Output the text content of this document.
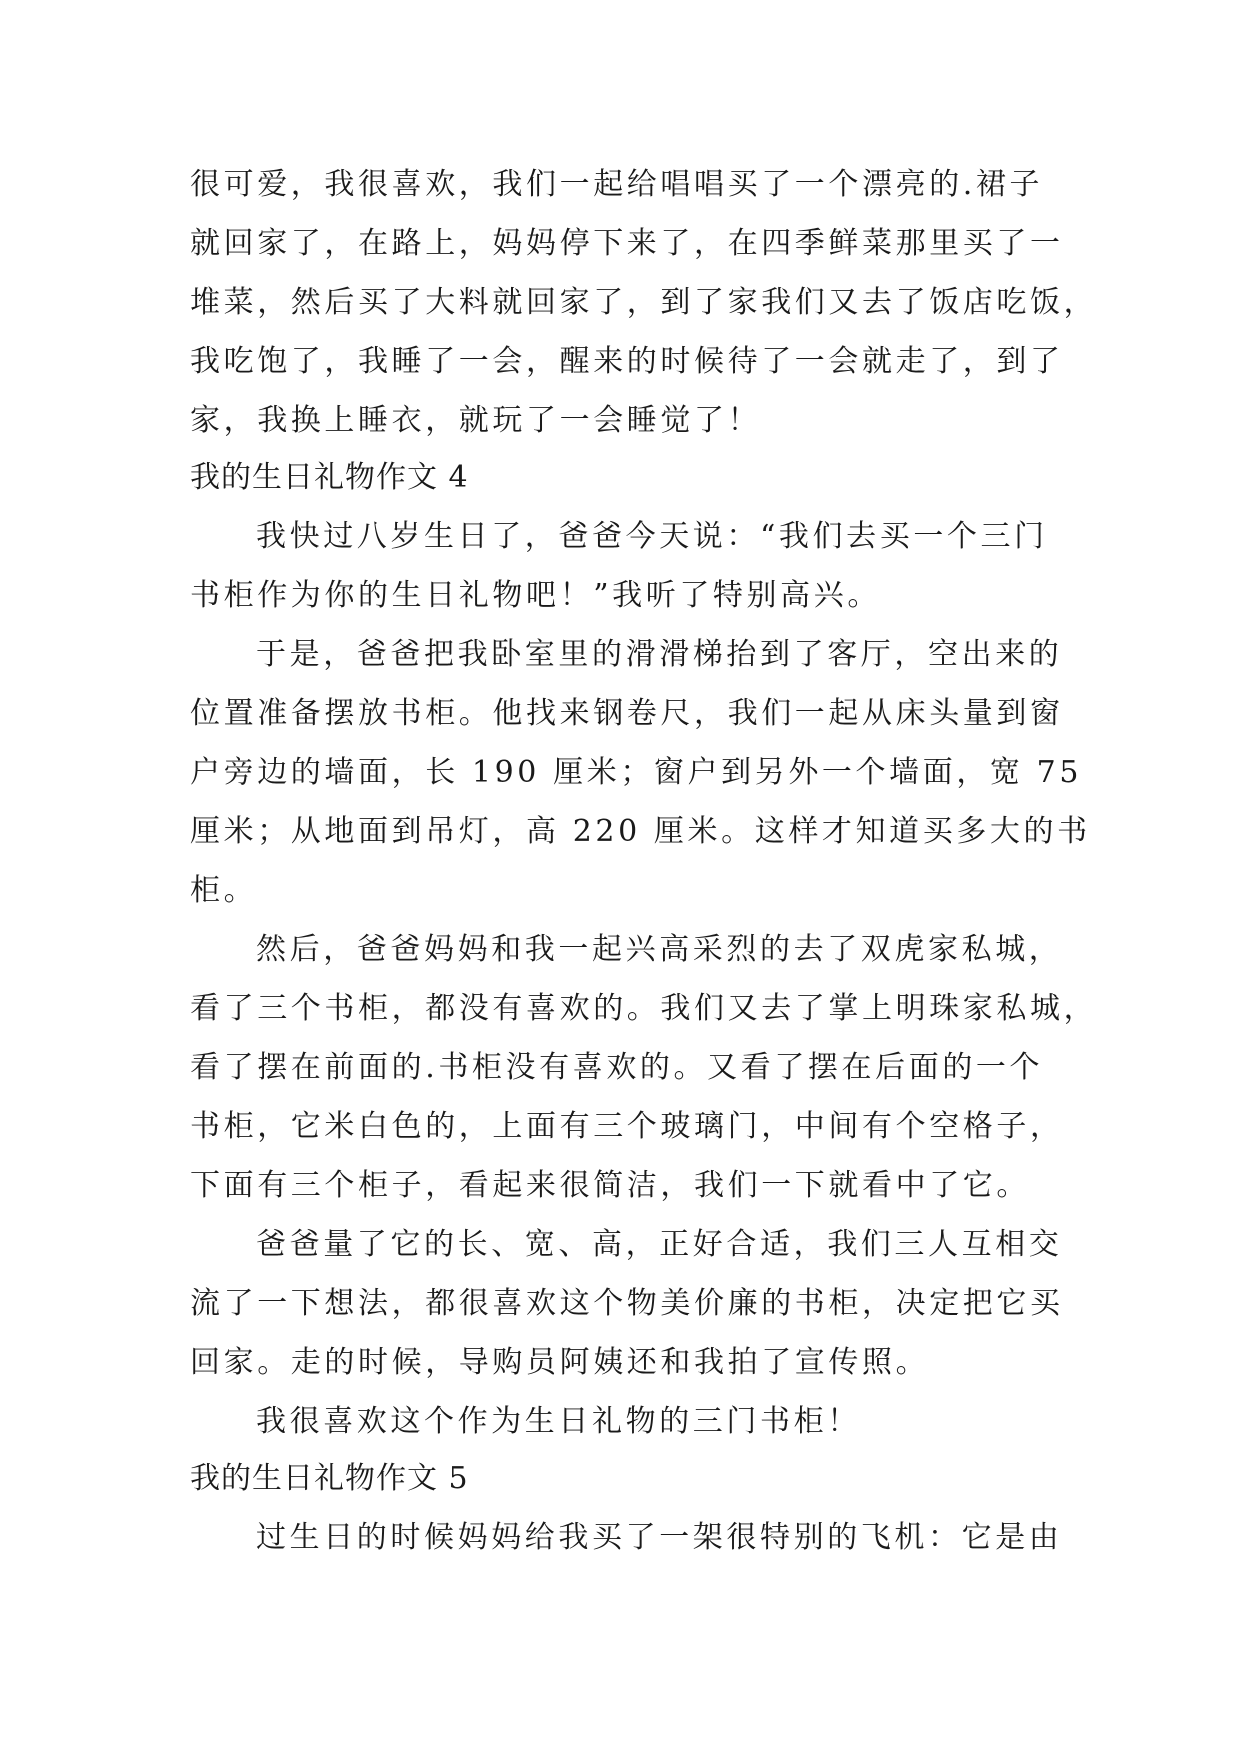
很可爱，我很喜欢，我们一起给唱唱买了一个漂亮的.裙子
就回家了，在路上，妈妈停下来了，在四季鲜菜那里买了一
堆菜，然后买了大料就回家了，到了家我们又去了饭店吃饭，
我吃饱了，我睡了一会，醒来的时候待了一会就走了，到了
家，我换上睡衣，就玩了一会睡觉了！
我的生日礼物作文 4
我快过八岁生日了，爸爸今天说：“我们去买一个三门
书柜作为你的生日礼物吧！”我听了特别高兴。
于是，爸爸把我卧室里的滑滑梯抬到了客厅，空出来的
位置准备摆放书柜。他找来钢卷尺，我们一起从床头量到窗
户旁边的墙面，长 190 厘米；窗户到另外一个墙面，宽 75
厘米；从地面到吊灯，高 220 厘米。这样才知道买多大的书
柜。
然后，爸爸妈妈和我一起兴高采烈的去了双虎家私城，
看了三个书柜，都没有喜欢的。我们又去了掌上明珠家私城，
看了摆在前面的.书柜没有喜欢的。又看了摆在后面的一个
书柜，它米白色的，上面有三个玻璃门，中间有个空格子，
下面有三个柜子，看起来很简洁，我们一下就看中了它。
爸爸量了它的长、宽、高，正好合适，我们三人互相交
流了一下想法，都很喜欢这个物美价廉的书柜，决定把它买
回家。走的时候，导购员阿姨还和我拍了宣传照。
我很喜欢这个作为生日礼物的三门书柜！
我的生日礼物作文 5
过生日的时候妈妈给我买了一架很特别的飞机：它是由
